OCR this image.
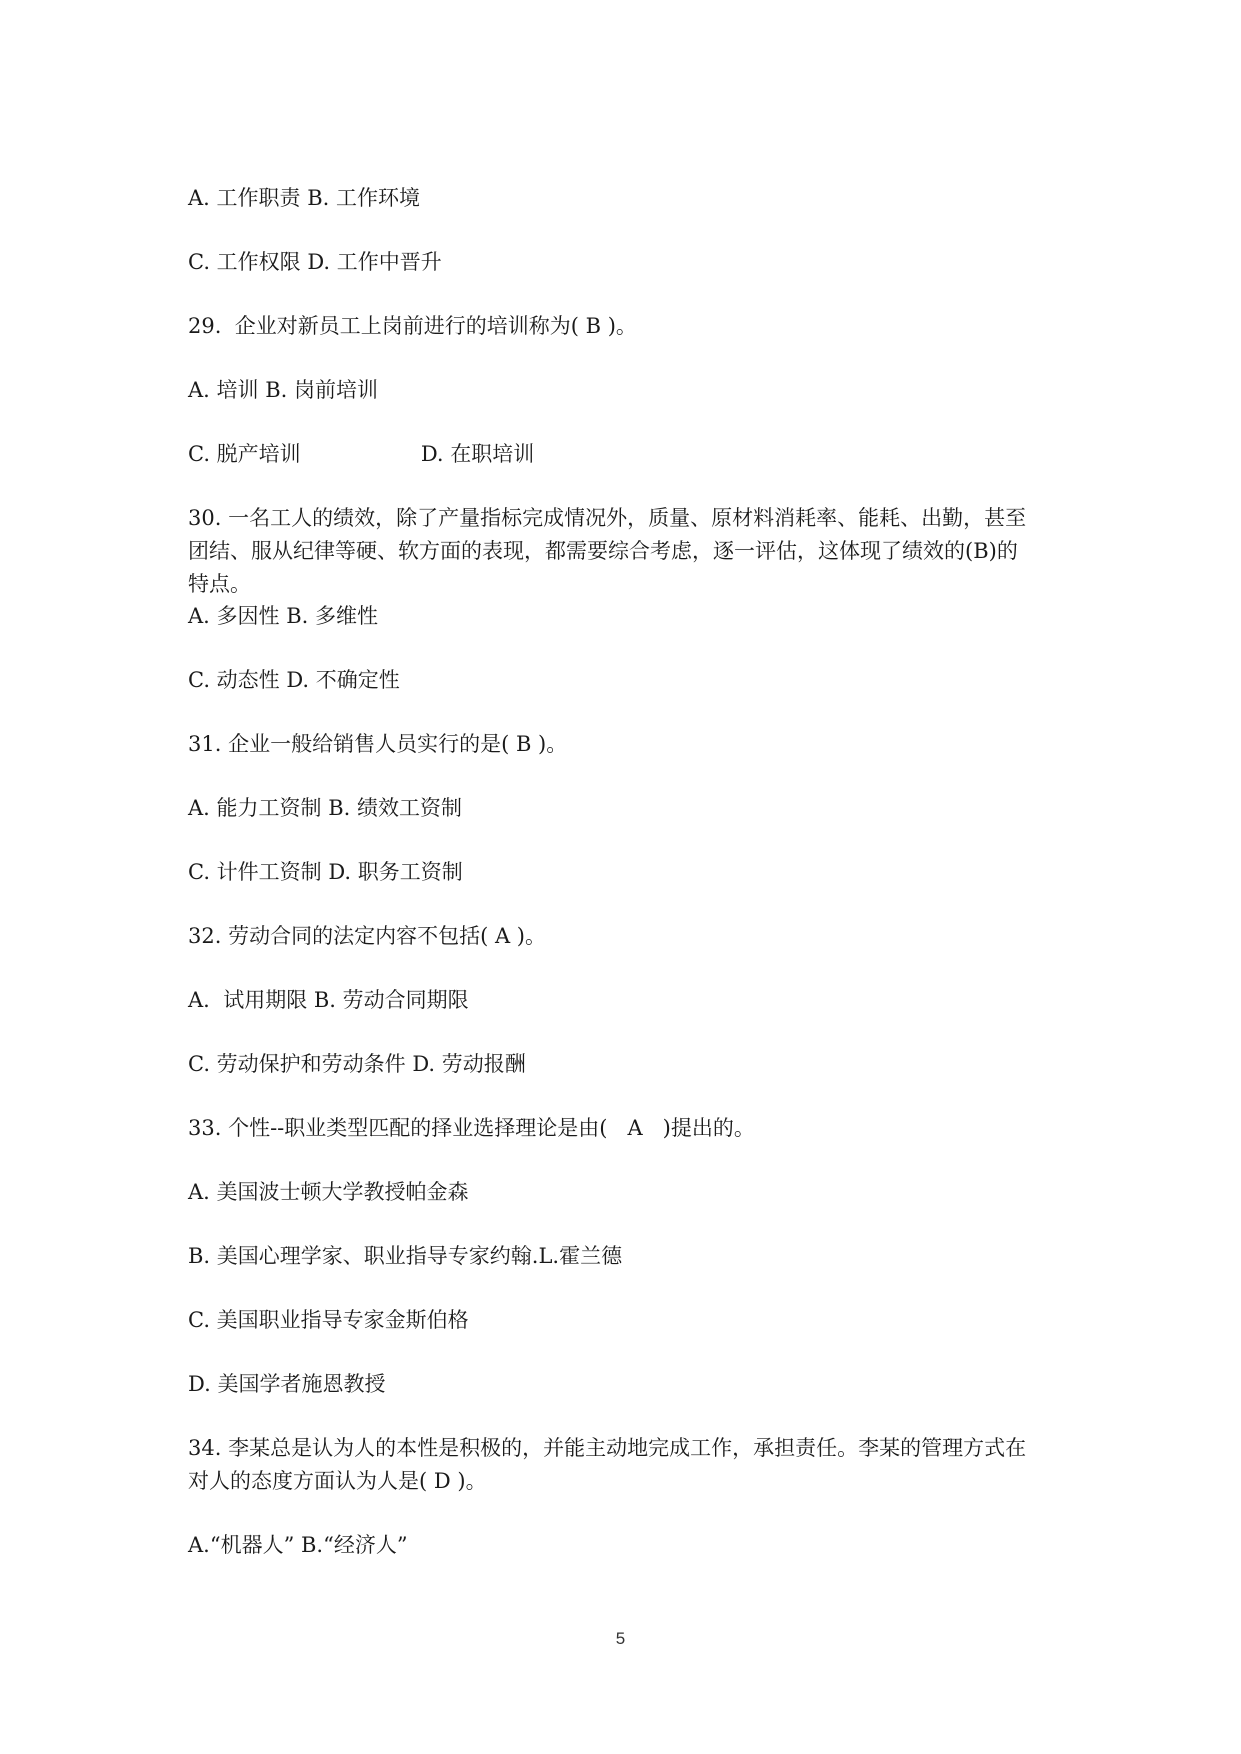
A. 工作职责 B. 工作环境
C. 工作权限 D. 工作中晋升
29.  企业对新员工上岗前进行的培训称为( B )。
A. 培训 B. 岗前培训
C. 脱产培训                  D. 在职培训
30. 一名工人的绩效，除了产量指标完成情况外，质量、原材料消耗率、能耗、出勤，甚至
团结、服从纪律等硬、软方面的表现，都需要综合考虑，逐一评估，这体现了绩效的(B)的
特点。
A. 多因性 B. 多维性
C. 动态性 D. 不确定性
31. 企业一般给销售人员实行的是( B )。
A. 能力工资制 B. 绩效工资制
C. 计件工资制 D. 职务工资制
32. 劳动合同的法定内容不包括( A )。
A.  试用期限 B. 劳动合同期限
C. 劳动保护和劳动条件 D. 劳动报酬
33. 个性--职业类型匹配的择业选择理论是由(   A   )提出的。
A. 美国波士顿大学教授帕金森
B. 美国心理学家、职业指导专家约翰.L.霍兰德
C. 美国职业指导专家金斯伯格
D. 美国学者施恩教授
34. 李某总是认为人的本性是积极的，并能主动地完成工作，承担责任。李某的管理方式在
对人的态度方面认为人是( D )。
A.“机器人” B.“经济人”
5
